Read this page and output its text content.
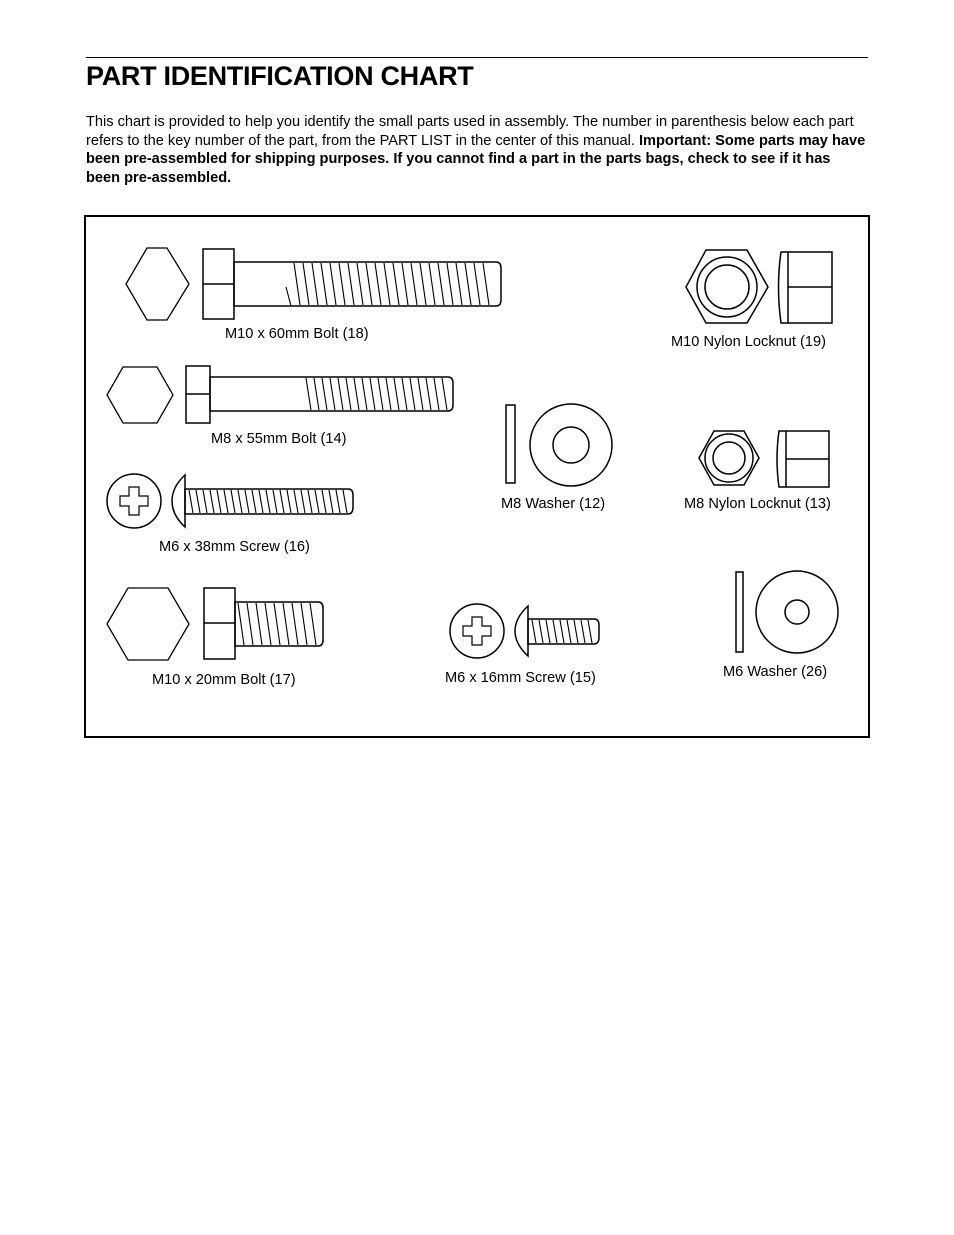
PART IDENTIFICATION CHART

This chart is provided to help you identify the small parts used in assembly. The number in parenthesis below each part refers to the key number of the part, from the PART LIST in the center of this manual. Important: Some parts may have been pre-assembled for shipping purposes. If you cannot find a part in the parts bags, check to see if it has been pre-assembled.

M10 x 60mm Bolt (18)	M10 Nylon Locknut (19)
M8 x 55mm Bolt (14)
M8 Washer (12)	M8 Nylon Locknut (13)
M6 x 38mm Screw (16)
M10 x 20mm Bolt (17)	M6 x 16mm Screw (15)	M6 Washer (26)
